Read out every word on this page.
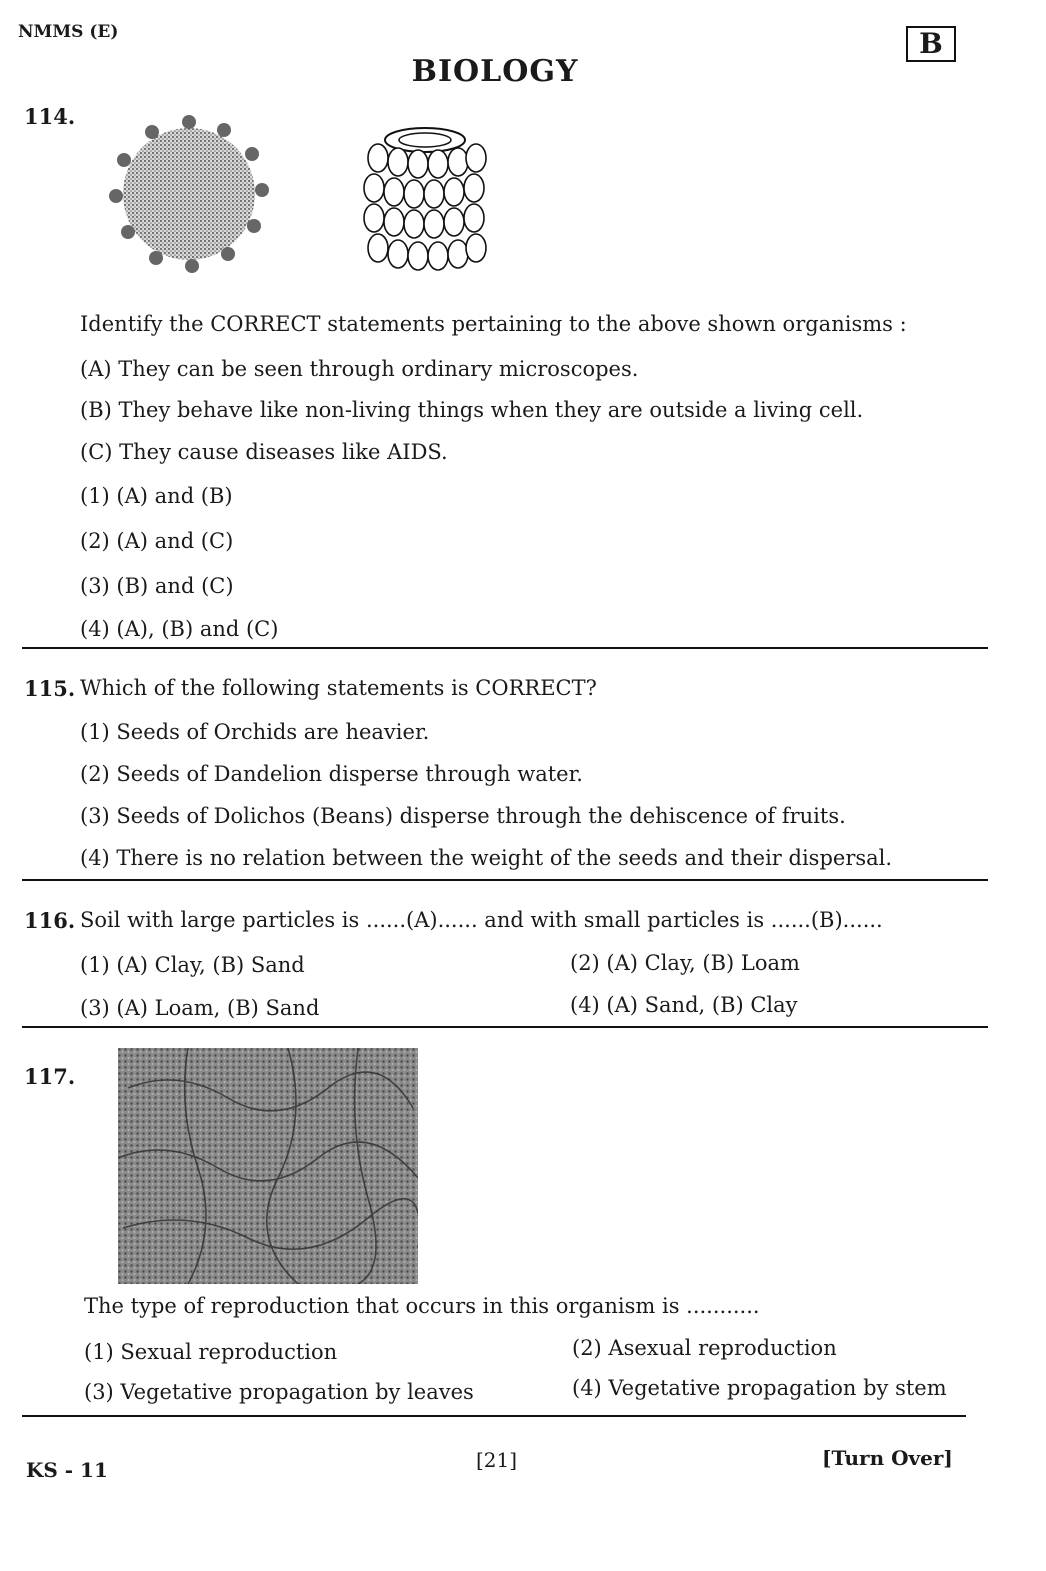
NMMS (E)	B
BIOLOGY
114.
Identify the CORRECT statements pertaining to the above shown organisms :
(A) They can be seen through ordinary microscopes.
(B) They behave like non-living things when they are outside a living cell.
(C) They cause diseases like AIDS.
(1) (A) and (B)
(2) (A) and (C)
(3) (B) and (C)
(4) (A), (B) and (C)
115. Which of the following statements is CORRECT?
(1) Seeds of Orchids are heavier.
(2) Seeds of Dandelion disperse through water.
(3) Seeds of Dolichos (Beans) disperse through the dehiscence of fruits.
(4) There is no relation between the weight of the seeds and their dispersal.
116. Soil with large particles is ......(A)...... and with small particles is ......(B)......
(1) (A) Clay, (B) Sand	(2) (A) Clay, (B) Loam
(3) (A) Loam, (B) Sand	(4) (A) Sand, (B) Clay
117.
The type of reproduction that occurs in this organism is ...........
(1) Sexual reproduction	(2) Asexual reproduction
(3) Vegetative propagation by leaves	(4) Vegetative propagation by stem
KS - 11	[21]	[Turn Over]
